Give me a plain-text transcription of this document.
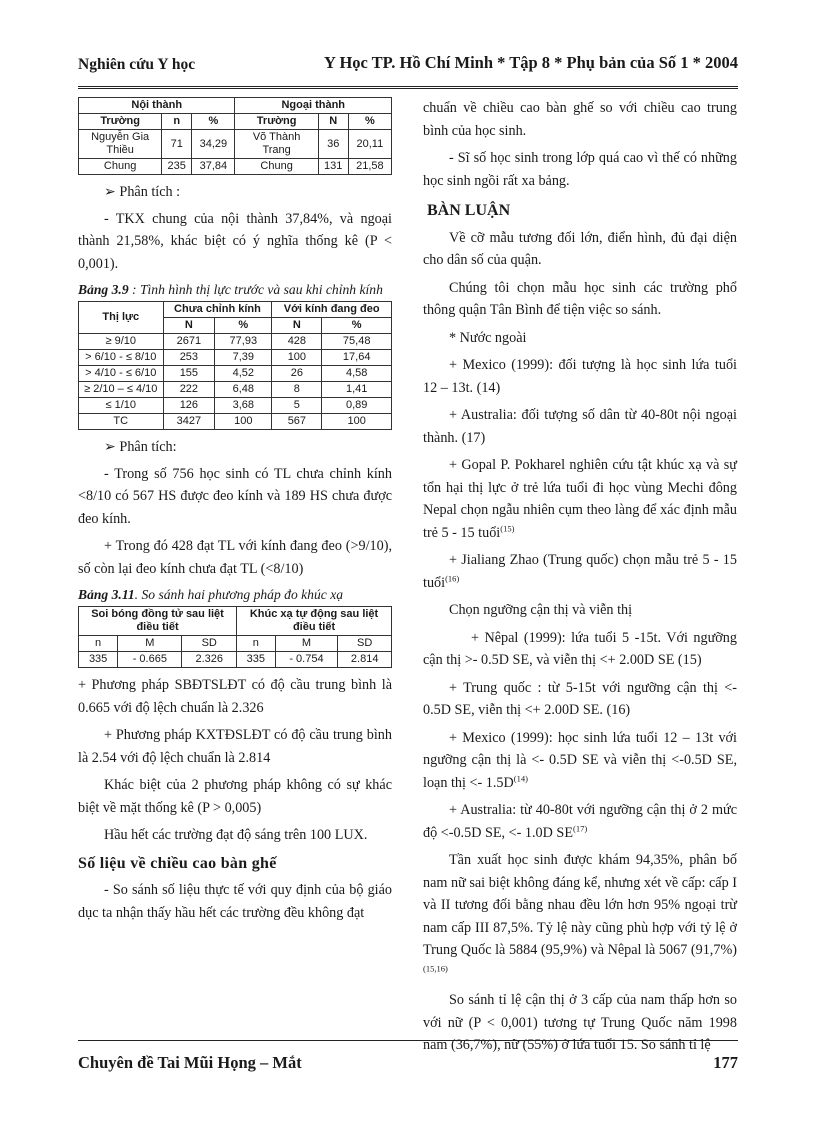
Nghiên cứu Y học	Y Học TP. Hồ Chí Minh * Tập 8 * Phụ bản của Số 1 * 2004
Nội thành			Ngoại thành		
Trường	n	%	Trường	N	%
Nguyễn Gia Thiều	71	34,29	Võ Thành Trang	36	20,11
Chung	235	37,84	Chung	131	21,58
➢ Phân tích :

- TKX chung của nội thành 37,84%, và ngoại thành 21,58%, khác biệt có ý nghĩa thống kê (P < 0,001).

Bảng 3.9 : Tình hình thị lực trước và sau khi chỉnh kính
Thị lực	Chưa chỉnh kính		Với kính đang đeo	
	N	%	N	%
≥ 9/10	2671	77,93	428	75,48
> 6/10 - ≤ 8/10	253	7,39	100	17,64
> 4/10 - ≤ 6/10	155	4,52	26	4,58
≥ 2/10 – ≤ 4/10	222	6,48	8	1,41
≤ 1/10	126	3,68	5	0,89
TC	3427	100	567	100
➢ Phân tích:

- Trong số 756 học sinh có TL chưa chỉnh kính <8/10 có 567 HS được đeo kính và 189 HS chưa được đeo kính.

+ Trong đó 428 đạt TL với kính đang đeo (>9/10), số còn lại đeo kính chưa đạt TL (<8/10)

Bảng 3.11. So sánh hai phương pháp đo khúc xạ
Soi bóng đồng tử sau liệt điều tiết			Khúc xạ tự động sau liệt điều tiết		
n	M	SD	n	M	SD
335	- 0.665	2.326	335	- 0.754	2.814

+ Phương pháp SBĐTSLĐT có độ cầu trung bình là 0.665 với độ lệch chuẩn là 2.326

+ Phương pháp KXTĐSLĐT có độ cầu trung bình là 2.54 với độ lệch chuẩn là 2.814

Khác biệt của 2 phương pháp không có sự khác biệt về mặt thống kê (P > 0,005)

Hầu hết các trường đạt độ sáng trên 100 LUX.

Số liệu về chiều cao bàn ghế

- So sánh số liệu thực tế với quy định của bộ giáo dục ta nhận thấy hầu hết các trường đều không đạt

chuẩn về chiều cao bàn ghế so với chiều cao trung bình của học sinh.

- Sĩ số học sinh trong lớp quá cao vì thế có những học sinh ngồi rất xa bảng.

BÀN LUẬN

Về cỡ mẫu tương đối lớn, điển hình, đủ đại diện cho dân số của quận.

Chúng tôi chọn mẫu học sinh các trường phổ thông quận Tân Bình để tiện việc so sánh.

* Nước ngoài

+ Mexico (1999): đối tượng là học sinh lứa tuổi 12 – 13t. (14)

+ Australia: đối tượng số dân từ 40-80t nội ngoại thành. (17)

+ Gopal P. Pokharel nghiên cứu tật khúc xạ và sự tổn hại thị lực ở trẻ lứa tuổi đi học vùng Mechi đông Nepal chọn ngẫu nhiên cụm theo làng để xác định mẫu trẻ 5 - 15 tuổi$^{(15)}$

+ Jialiang Zhao (Trung quốc) chọn mẫu trẻ 5 - 15 tuổi$^{(16)}$

Chọn ngưỡng cận thị và viễn thị

+ Nêpal (1999): lứa tuổi 5 -15t. Với ngưỡng cận thị >- 0.5D SE, và viễn thị <+ 2.00D SE (15)

+ Trung quốc : từ 5-15t với ngưỡng cận thị <- 0.5D SE, viễn thị <+ 2.00D SE. (16)

+ Mexico (1999): học sinh lứa tuổi 12 – 13t với ngưỡng cận thị là <- 0.5D SE và viễn thị <-0.5D SE, loạn thị <- $1.5D^{(14)}$

+ Australia: từ 40-80t với ngưỡng cận thị ở 2 mức độ <-0.5D SE, <- 1.0D SE$^{(17)}$

Tần xuất học sinh được khám 94,35%, phân bố nam nữ sai biệt không đáng kể, nhưng xét về cấp: cấp I và II tương đối bằng nhau đều lớn hơn 95% ngoại trừ nam cấp III 87,5%. Tỷ lệ này cũng phù hợp với tỷ lệ ở Trung Quốc là 5884 (95,9%) và Nêpal là 5067 $(91,7\%)^{(15,16)}$

So sánh tỉ lệ cận thị ở 3 cấp của nam thấp hơn so với nữ (P < 0,001) tương tự Trung Quốc năm 1998 nam (36,7%), nữ (55%) ở lứa tuổi 15. So sánh tỉ lệ

Chuyên đề Tai Mũi Họng – Mắt	177
